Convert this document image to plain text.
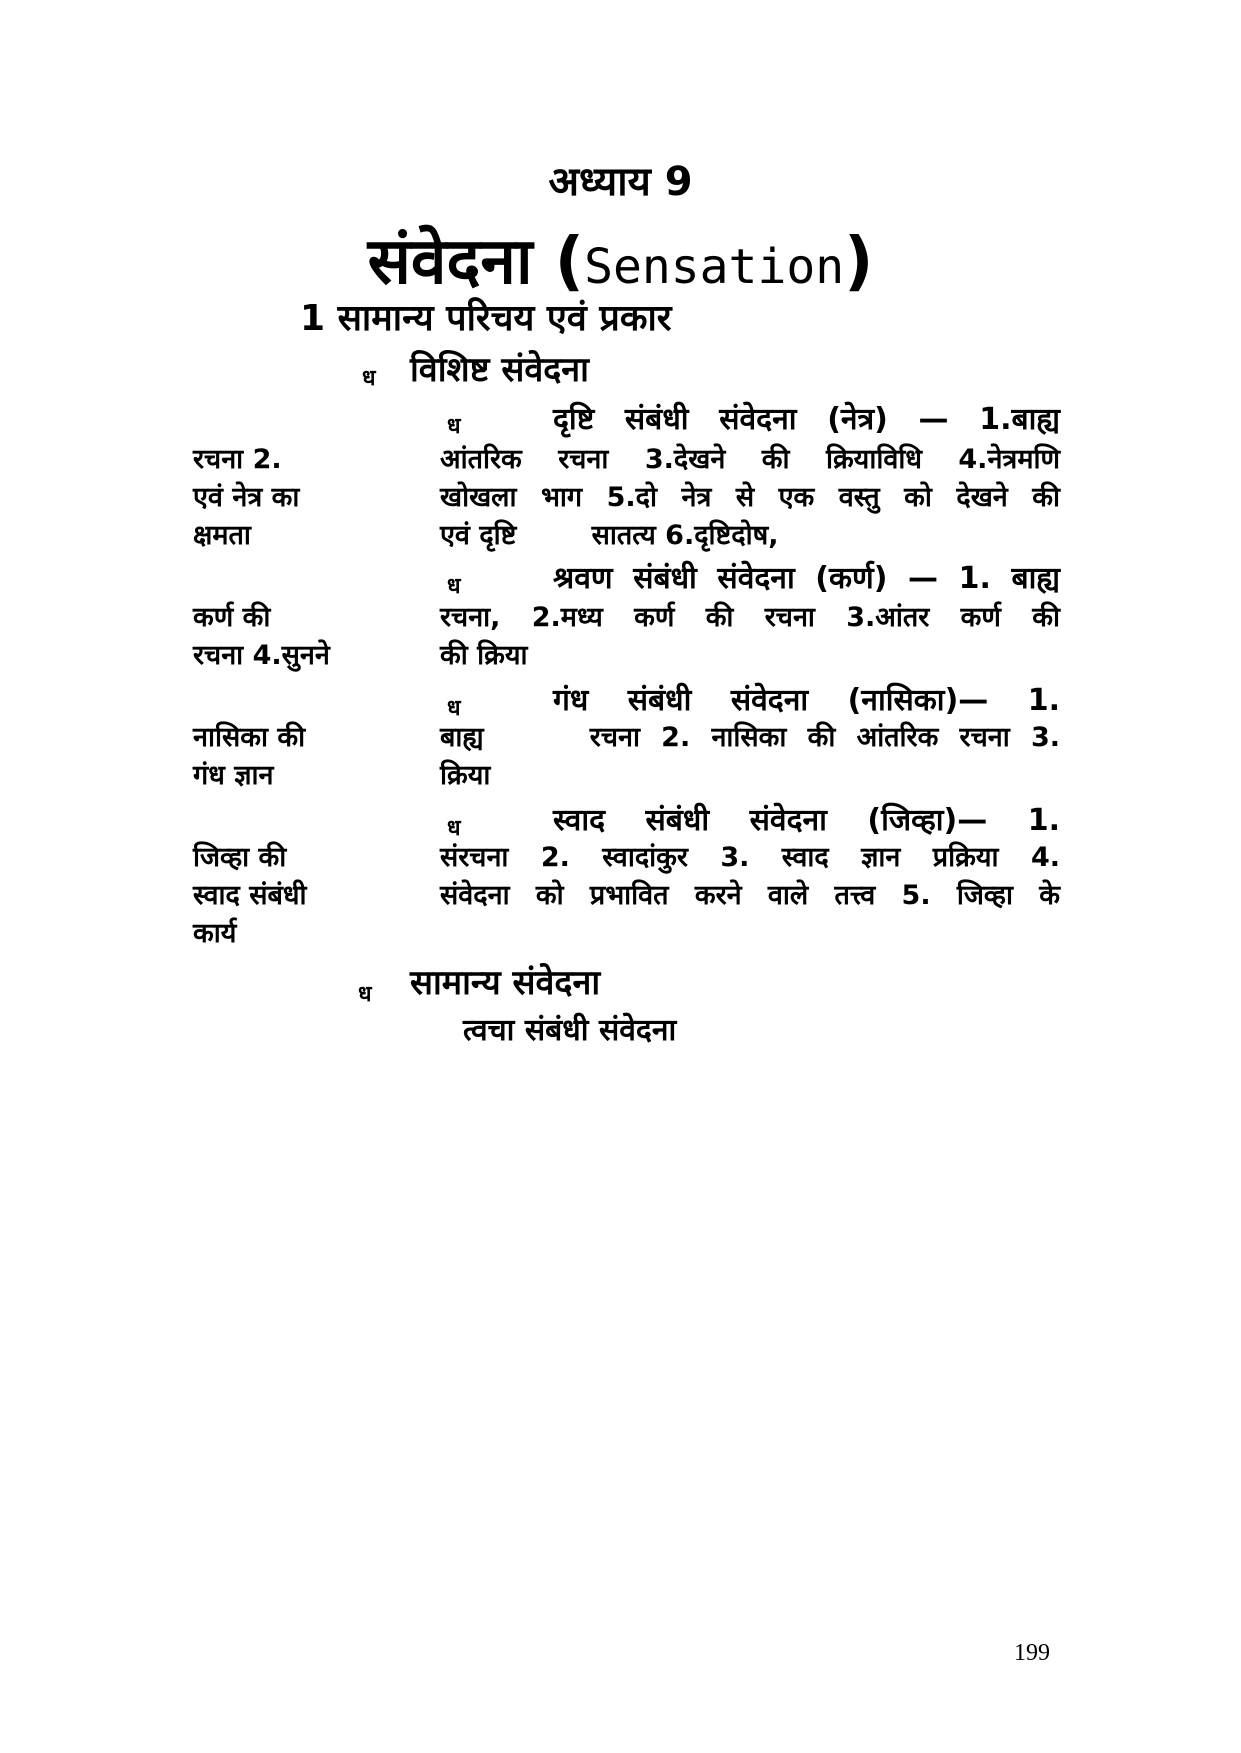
अध्याय 9
संवेदना (Sensation)
1 सामान्य परिचय एवं प्रकार
ध विशिष्ट संवेदना
ध	दृष्टि संबंधी संवेदना (नेत्र) — 1.बाह्य
रचना 2.	आंतरिक रचना 3.देखने की क्रियाविधि 4.नेत्रमणि
एवं नेत्र का	खोखला भाग 5.दो नेत्र से एक वस्तु को देखने की
क्षमता	एवं दृष्टि        सातत्य 6.दृष्टिदोष,
ध	श्रवण संबंधी संवेदना (कर्ण) — 1. बाह्य
कर्ण की	रचना, 2.मध्य कर्ण की रचना 3.आंतर कर्ण की
रचना 4.सुनने	की क्रिया
ध	गंध संबंधी संवेदना (नासिका)— 1.
नासिका की	बाह्य     रचना 2. नासिका की आंतरिक रचना 3.
गंध ज्ञान	क्रिया
ध	स्वाद संबंधी संवेदना (जिव्हा)— 1.
जिव्हा की	संरचना 2. स्वादांकुर 3. स्वाद ज्ञान प्रक्रिया 4.
स्वाद संबंधी	संवेदना को प्रभावित करने वाले तत्त्व 5. जिव्हा के
कार्य
ध सामान्य संवेदना
त्वचा संबंधी संवेदना
199
